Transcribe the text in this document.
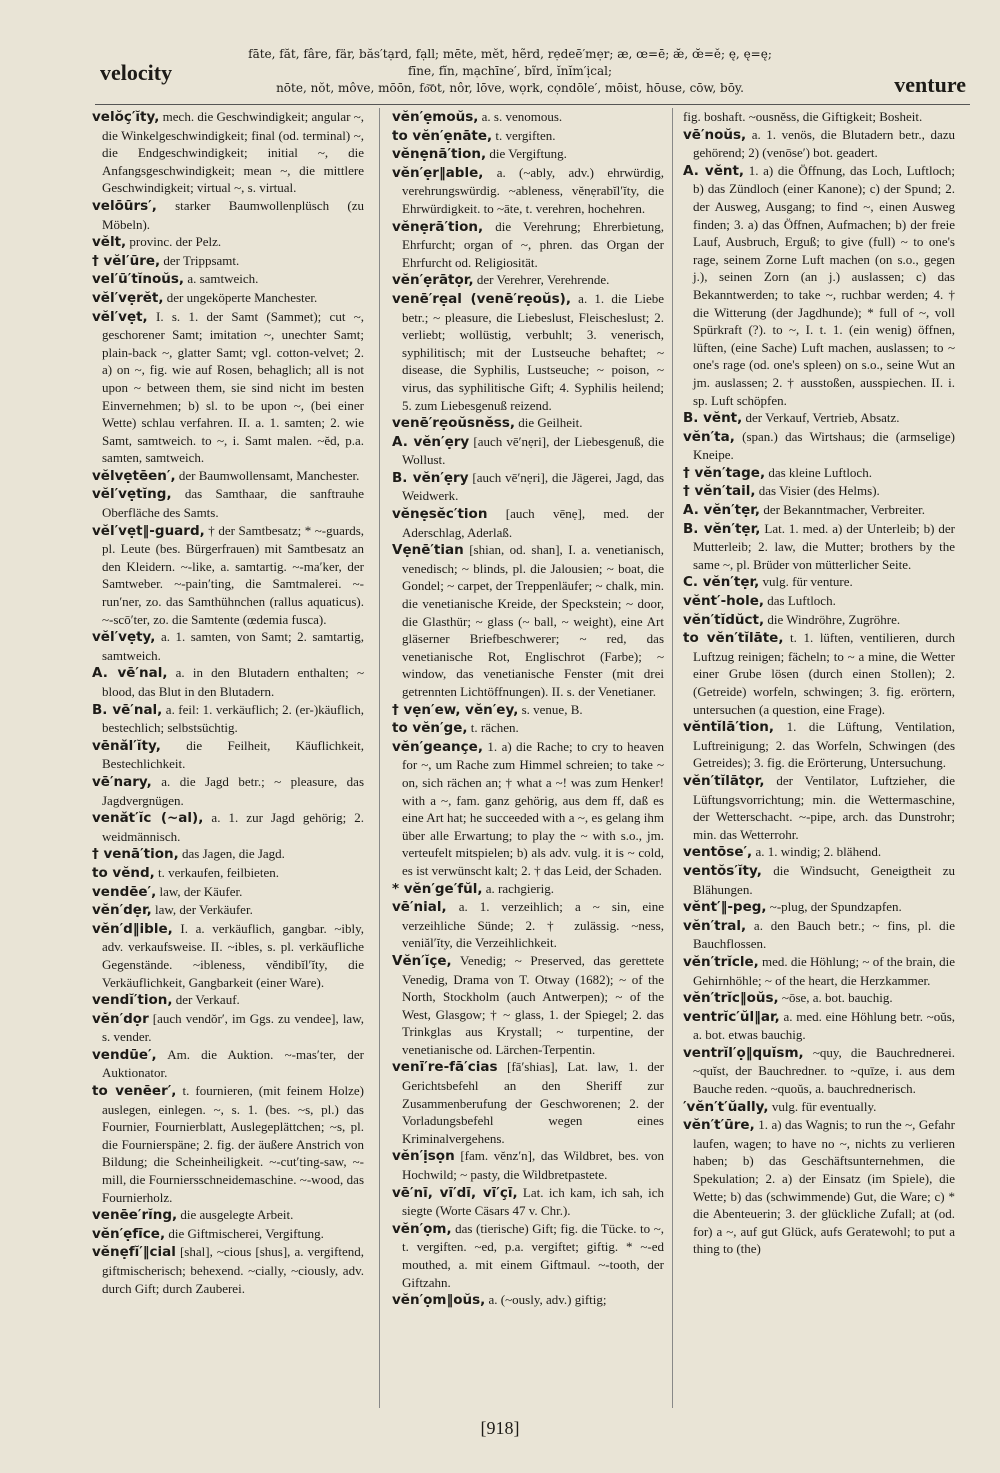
velocity
fāte, făt, fâre, fär, băs′tạrd, fạll; mēte, mĕt, hẽrd, rẹdeē′mẹr; æ, œ=ē; æ̆, œ̆=ĕ; ę, ę=ę;
fīne, fĭn, mạchīne′, bĩrd, ĭnĭm′ịcal;
nōte, nŏt, môve, mōōn, fo͝ot, nôr, lōve, wọrk, cọndōle′, mōist, hōuse, cōw, bōy.	venture
velŏç′ĭty, mech. die Geschwindigkeit; angular ~, die Winkelgeschwindigkeit; final (od. terminal) ~, die Endgeschwindigkeit; initial ~, die Anfangsgeschwindigkeit; mean ~, die mittlere Geschwindigkeit; virtual ~, s. virtual.
velōūrs′, starker Baumwollenplüsch (zu Möbeln).
vĕlt, provinc. der Pelz.
† vĕl′ūre, der Trippsamt.
vel′ū′tĭnoŭs, a. samtweich.
vĕl′vẹrĕt, der ungeköperte Manchester.
vĕl′vẹt, I. s. 1. der Samt (Sammet); cut ~, geschorener Samt; imitation ~, unechter Samt; plain-back ~, glatter Samt; vgl. cotton-velvet; 2. a) on ~, fig. wie auf Rosen, behaglich; all is not upon ~ between them, sie sind nicht im besten Einvernehmen; b) sl. to be upon ~, (bei einer Wette) schlau verfahren. II. a. 1. samten; 2. wie Samt, samtweich. to ~, i. Samt malen. ~ĕd, p.a. samten, samtweich.
vĕlvẹtēen′, der Baumwollensamt, Manchester.
vĕl′vẹtĭng, das Samthaar, die sanftrauhe Oberfläche des Samts.
vĕl′vẹt‖-guard, † der Samtbesatz; * ~-guards, pl. Leute (bes. Bürgerfrauen) mit Samtbesatz an den Kleidern. ~-like, a. samtartig. ~-ma′ker, der Samtweber. ~-pain′ting, die Samtmalerei. ~-run′ner, zo. das Samthühnchen (rallus aquaticus). ~-scō′ter, zo. die Samtente (œdemia fusca).
vĕl′vẹty, a. 1. samten, von Samt; 2. samtartig, samtweich.
A. vē′nal, a. in den Blutadern enthalten; ~ blood, das Blut in den Blutadern.
B. vē′nal, a. feil: 1. verkäuflich; 2. (er-)käuflich, bestechlich; selbstsüchtig.
vēnăl′ĭty, die Feilheit, Käuflichkeit, Bestechlichkeit.
vē′nary, a. die Jagd betr.; ~ pleasure, das Jagdvergnügen.
venăt′ĭc (~al), a. 1. zur Jagd gehörig; 2. weidmännisch.
† venā′tion, das Jagen, die Jagd.
to vĕnd, t. verkaufen, feilbieten.
vendēe′, law, der Käufer.
vĕn′dẹr, law, der Verkäufer.
vĕn′d‖ible, I. a. verkäuflich, gangbar. ~ibly, adv. verkaufsweise. II. ~ibles, s. pl. verkäufliche Gegenstände. ~ibleness, vĕndibĭl′ĭty, die Verkäuflichkeit, Gangbarkeit (einer Ware).
vendĭ′tion, der Verkauf.
vĕn′dọr [auch vendŏr′, im Ggs. zu vendee], law, s. vender.
vendūe′, Am. die Auktion. ~-mas′ter, der Auktionator.
to venēer′, t. fournieren, (mit feinem Holze) auslegen, einlegen. ~, s. 1. (bes. ~s, pl.) das Fournier, Fournierblatt, Auslegeplättchen; ~s, pl. die Fournierspäne; 2. fig. der äußere Anstrich von Bildung; die Scheinheiligkeit. ~-cut′ting-saw, ~-mill, die Fourniersschneidemaschine. ~-wood, das Fournierholz.
venēe′rĭng, die ausgelegte Arbeit.
vĕn′ẹfīce, die Giftmischerei, Vergiftung.
vĕnẹfĭ′‖cial [shal], ~cious [shus], a. vergiftend, giftmischerisch; behexend. ~cially, ~ciously, adv. durch Gift; durch Zauberei.
vĕn′ẹmoŭs, a. s. venomous.
to vĕn′ẹnāte, t. vergiften.
vĕnẹnā′tion, die Vergiftung.
vĕn′ẹr‖able, a. (~ably, adv.) ehrwürdig, verehrungswürdig. ~ableness, vĕnẹrabĭl′ĭty, die Ehrwürdigkeit. to ~āte, t. verehren, hochehren.
vĕnẹrā′tion, die Verehrung; Ehrerbietung, Ehrfurcht; organ of ~, phren. das Organ der Ehrfurcht od. Religiosität.
vĕn′ẹrātọr, der Verehrer, Verehrende.
venē′rẹal (venē′rẹoŭs), a. 1. die Liebe betr.; ~ pleasure, die Liebeslust, Fleischeslust; 2. verliebt; wollüstig, verbuhlt; 3. venerisch, syphilitisch; mit der Lustseuche behaftet; ~ disease, die Syphilis, Lustseuche; ~ poison, ~ virus, das syphilitische Gift; 4. Syphilis heilend; 5. zum Liebesgenuß reizend.
venē′rẹoŭsnĕss, die Geilheit.
A. vĕn′ẹry [auch vē′nẹri], der Liebesgenuß, die Wollust.
B. vĕn′ẹry [auch vē′nẹri], die Jägerei, Jagd, das Weidwerk.
vĕnẹsĕc′tion [auch vēnẹ], med. der Aderschlag, Aderlaß.
Vẹnē′tian [shian, od. shan], I. a. venetianisch, venedisch; ~ blinds, pl. die Jalousien; ~ boat, die Gondel; ~ carpet, der Treppenläufer; ~ chalk, min. die venetianische Kreide, der Speckstein; ~ door, die Glasthür; ~ glass (~ ball, ~ weight), eine Art gläserner Briefbeschwerer; ~ red, das venetianische Rot, Englischrot (Farbe); ~ window, das venetianische Fenster (mit drei getrennten Lichtöffnungen). II. s. der Venetianer.
† vẹn′ew, vĕn′ey, s. venue, B.
to vĕn′ge, t. rächen.
vĕn′geançe, 1. a) die Rache; to cry to heaven for ~, um Rache zum Himmel schreien; to take ~ on, sich rächen an; † what a ~! was zum Henker! with a ~, fam. ganz gehörig, aus dem ff, daß es eine Art hat; he succeeded with a ~, es gelang ihm über alle Erwartung; to play the ~ with s.o., jm. verteufelt mitspielen; b) als adv. vulg. it is ~ cold, es ist verwünscht kalt; 2. † das Leid, der Schaden.
* vĕn′ge′fŭl, a. rachgierig.
vē′nial, a. 1. verzeihlich; a ~ sin, eine verzeihliche Sünde; 2. † zulässig. ~ness, veniăl′ĭty, die Verzeihlichkeit.
Vĕn′ĭçe, Venedig; ~ Preserved, das gerettete Venedig, Drama von T. Otway (1682); ~ of the North, Stockholm (auch Antwerpen); ~ of the West, Glasgow; † ~ glass, 1. der Spiegel; 2. das Trinkglas aus Krystall; ~ turpentine, der venetianische od. Lärchen-Terpentin.
venī′re-fā′cias [fā′shias], Lat. law, 1. der Gerichtsbefehl an den Sheriff zur Zusammenberufung der Geschworenen; 2. der Vorladungsbefehl wegen eines Kriminalvergehens.
vĕn′ịsọn [fam. vĕnz′n], das Wildbret, bes. von Hochwild; ~ pasty, die Wildbretpastete.
vē′nī, vī′dī, vī′çī, Lat. ich kam, ich sah, ich siegte (Worte Cäsars 47 v. Chr.).
vĕn′ọm, das (tierische) Gift; fig. die Tücke. to ~, t. vergiften. ~ed, p.a. vergiftet; giftig. * ~-ed mouthed, a. mit einem Giftmaul. ~-tooth, der Giftzahn.
vĕn′ọm‖oŭs, a. (~ously, adv.) giftig;
fig. boshaft. ~ousnĕss, die Giftigkeit; Bosheit.
vē′noŭs, a. 1. venös, die Blutadern betr., dazu gehörend; 2) (venōse′) bot. geadert.
A. vĕnt, 1. a) die Öffnung, das Loch, Luftloch; b) das Zündloch (einer Kanone); c) der Spund; 2. der Ausweg, Ausgang; to find ~, einen Ausweg finden; 3. a) das Öffnen, Aufmachen; b) der freie Lauf, Ausbruch, Erguß; to give (full) ~ to one's rage, seinem Zorne Luft machen (on s.o., gegen j.), seinen Zorn (an j.) auslassen; c) das Bekanntwerden; to take ~, ruchbar werden; 4. † die Witterung (der Jagdhunde); * full of ~, voll Spürkraft (?). to ~, I. t. 1. (ein wenig) öffnen, lüften, (eine Sache) Luft machen, auslassen; to ~ one's rage (od. one's spleen) on s.o., seine Wut an jm. auslassen; 2. † ausstoßen, ausspiechen. II. i. sp. Luft schöpfen.
B. vĕnt, der Verkauf, Vertrieb, Absatz.
vĕn′ta, (span.) das Wirtshaus; die (armselige) Kneipe.
† vĕn′tage, das kleine Luftloch.
† vĕn′tail, das Visier (des Helms).
A. vĕn′tẹr, der Bekanntmacher, Verbreiter.
B. vĕn′tẹr, Lat. 1. med. a) der Unterleib; b) der Mutterleib; 2. law, die Mutter; brothers by the same ~, pl. Brüder von mütterlicher Seite.
C. vĕn′tẹr, vulg. für venture.
vĕnt′-hole, das Luftloch.
vĕn′tĭdŭct, die Windröhre, Zugröhre.
to vĕn′tĭlāte, t. 1. lüften, ventilieren, durch Luftzug reinigen; fächeln; to ~ a mine, die Wetter einer Grube lösen (durch einen Stollen); 2. (Getreide) worfeln, schwingen; 3. fig. erörtern, untersuchen (a question, eine Frage).
vĕntĭlā′tion, 1. die Lüftung, Ventilation, Luftreinigung; 2. das Worfeln, Schwingen (des Getreides); 3. fig. die Erörterung, Untersuchung.
vĕn′tĭlātọr, der Ventilator, Luftzieher, die Lüftungsvorrichtung; min. die Wettermaschine, der Wetterschacht. ~-pipe, arch. das Dunstrohr; min. das Wetterrohr.
ventōse′, a. 1. windig; 2. blähend.
ventŏs′ĭty, die Windsucht, Geneigtheit zu Blähungen.
vĕnt′‖-peg, ~-plug, der Spundzapfen.
vĕn′tral, a. den Bauch betr.; ~ fins, pl. die Bauchflossen.
vĕn′trĭcle, med. die Höhlung; ~ of the brain, die Gehirnhöhle; ~ of the heart, die Herzkammer.
vĕn′trĭc‖oŭs, ~ōse, a. bot. bauchig.
ventrĭc′ŭl‖ar, a. med. eine Höhlung betr. ~oŭs, a. bot. etwas bauchig.
ventrĭl′ọ‖quĭsm, ~quy, die Bauchrednerei. ~quĭst, der Bauchredner. to ~quīze, i. aus dem Bauche reden. ~quoŭs, a. bauchrednerisch.
′vĕn′t′ŭally, vulg. für eventually.
vĕn′t′ūre, 1. a) das Wagnis; to run the ~, Gefahr laufen, wagen; to have no ~, nichts zu verlieren haben; b) das Geschäftsunternehmen, die Spekulation; 2. a) der Einsatz (im Spiele), die Wette; b) das (schwimmende) Gut, die Ware; c) * die Abenteuerin; 3. der glückliche Zufall; at (od. for) a ~, auf gut Glück, aufs Geratewohl; to put a thing to (the)
[918]
